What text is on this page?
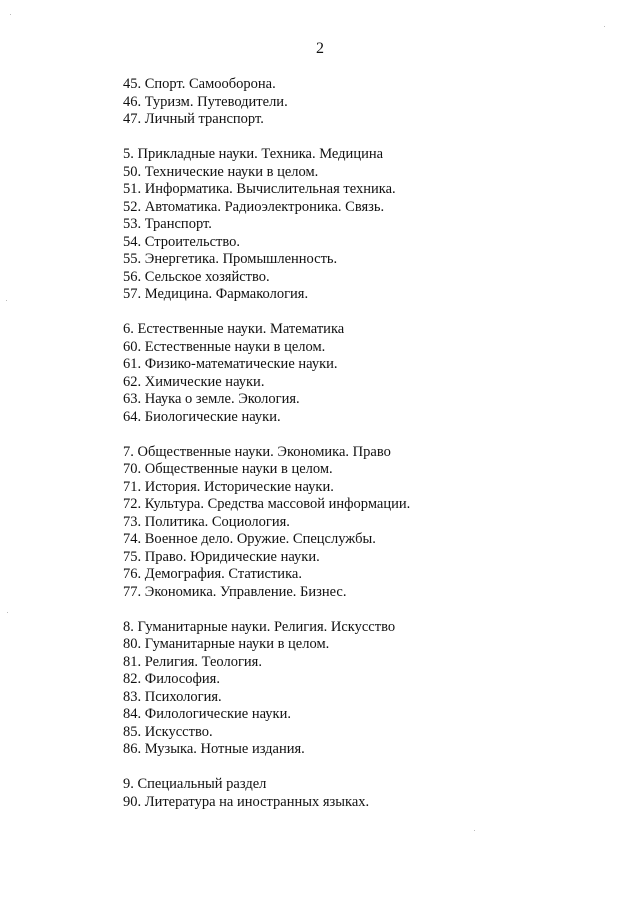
2
45. Спорт. Самооборона.
46. Туризм. Путеводители.
47. Личный транспорт.
5. Прикладные науки. Техника. Медицина
50. Технические науки в целом.
51. Информатика. Вычислительная техника.
52. Автоматика. Радиоэлектроника. Связь.
53. Транспорт.
54. Строительство.
55. Энергетика. Промышленность.
56. Сельское хозяйство.
57. Медицина. Фармакология.
6. Естественные науки. Математика
60. Естественные науки в целом.
61. Физико-математические науки.
62. Химические науки.
63. Наука о земле. Экология.
64. Биологические науки.
7. Общественные науки. Экономика. Право
70. Общественные науки в целом.
71. История. Исторические науки.
72. Культура. Средства массовой информации.
73. Политика. Социология.
74. Военное дело. Оружие. Спецслужбы.
75. Право. Юридические науки.
76. Демография. Статистика.
77. Экономика. Управление. Бизнес.
8. Гуманитарные науки. Религия. Искусство
80. Гуманитарные науки в целом.
81. Религия. Теология.
82. Философия.
83. Психология.
84. Филологические науки.
85. Искусство.
86. Музыка. Нотные издания.
9. Специальный раздел
90. Литература на иностранных языках.
